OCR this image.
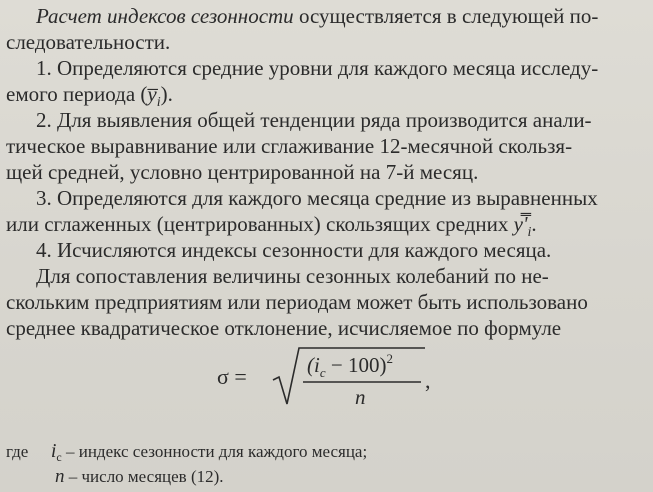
Расчет индексов сезонности осуществляется в следующей по-
следовательности.
1. Определяются средние уровни для каждого месяца исследу-
емого периода $(y̅_i)$.
2. Для выявления общей тенденции ряда производится анали-
тическое выравнивание или сглаживание 12-месячной скользя-
щей средней, условно центрированной на 7-й месяц.
3. Определяются для каждого месяца средние из выравненных
или сглаженных (центрированных) скользящих средних $y̿'_i$.
4. Исчисляются индексы сезонности для каждого месяца.
Для сопоставления величины сезонных колебаний по не-
скольким предприятиям или периодам может быть использовано
среднее квадратическое отклонение, исчисляемое по формуле
σ =	$(i_c - 100)^2$
n
,
где $i_c$ – индекс сезонности для каждого месяца;
n – число месяцев (12).
